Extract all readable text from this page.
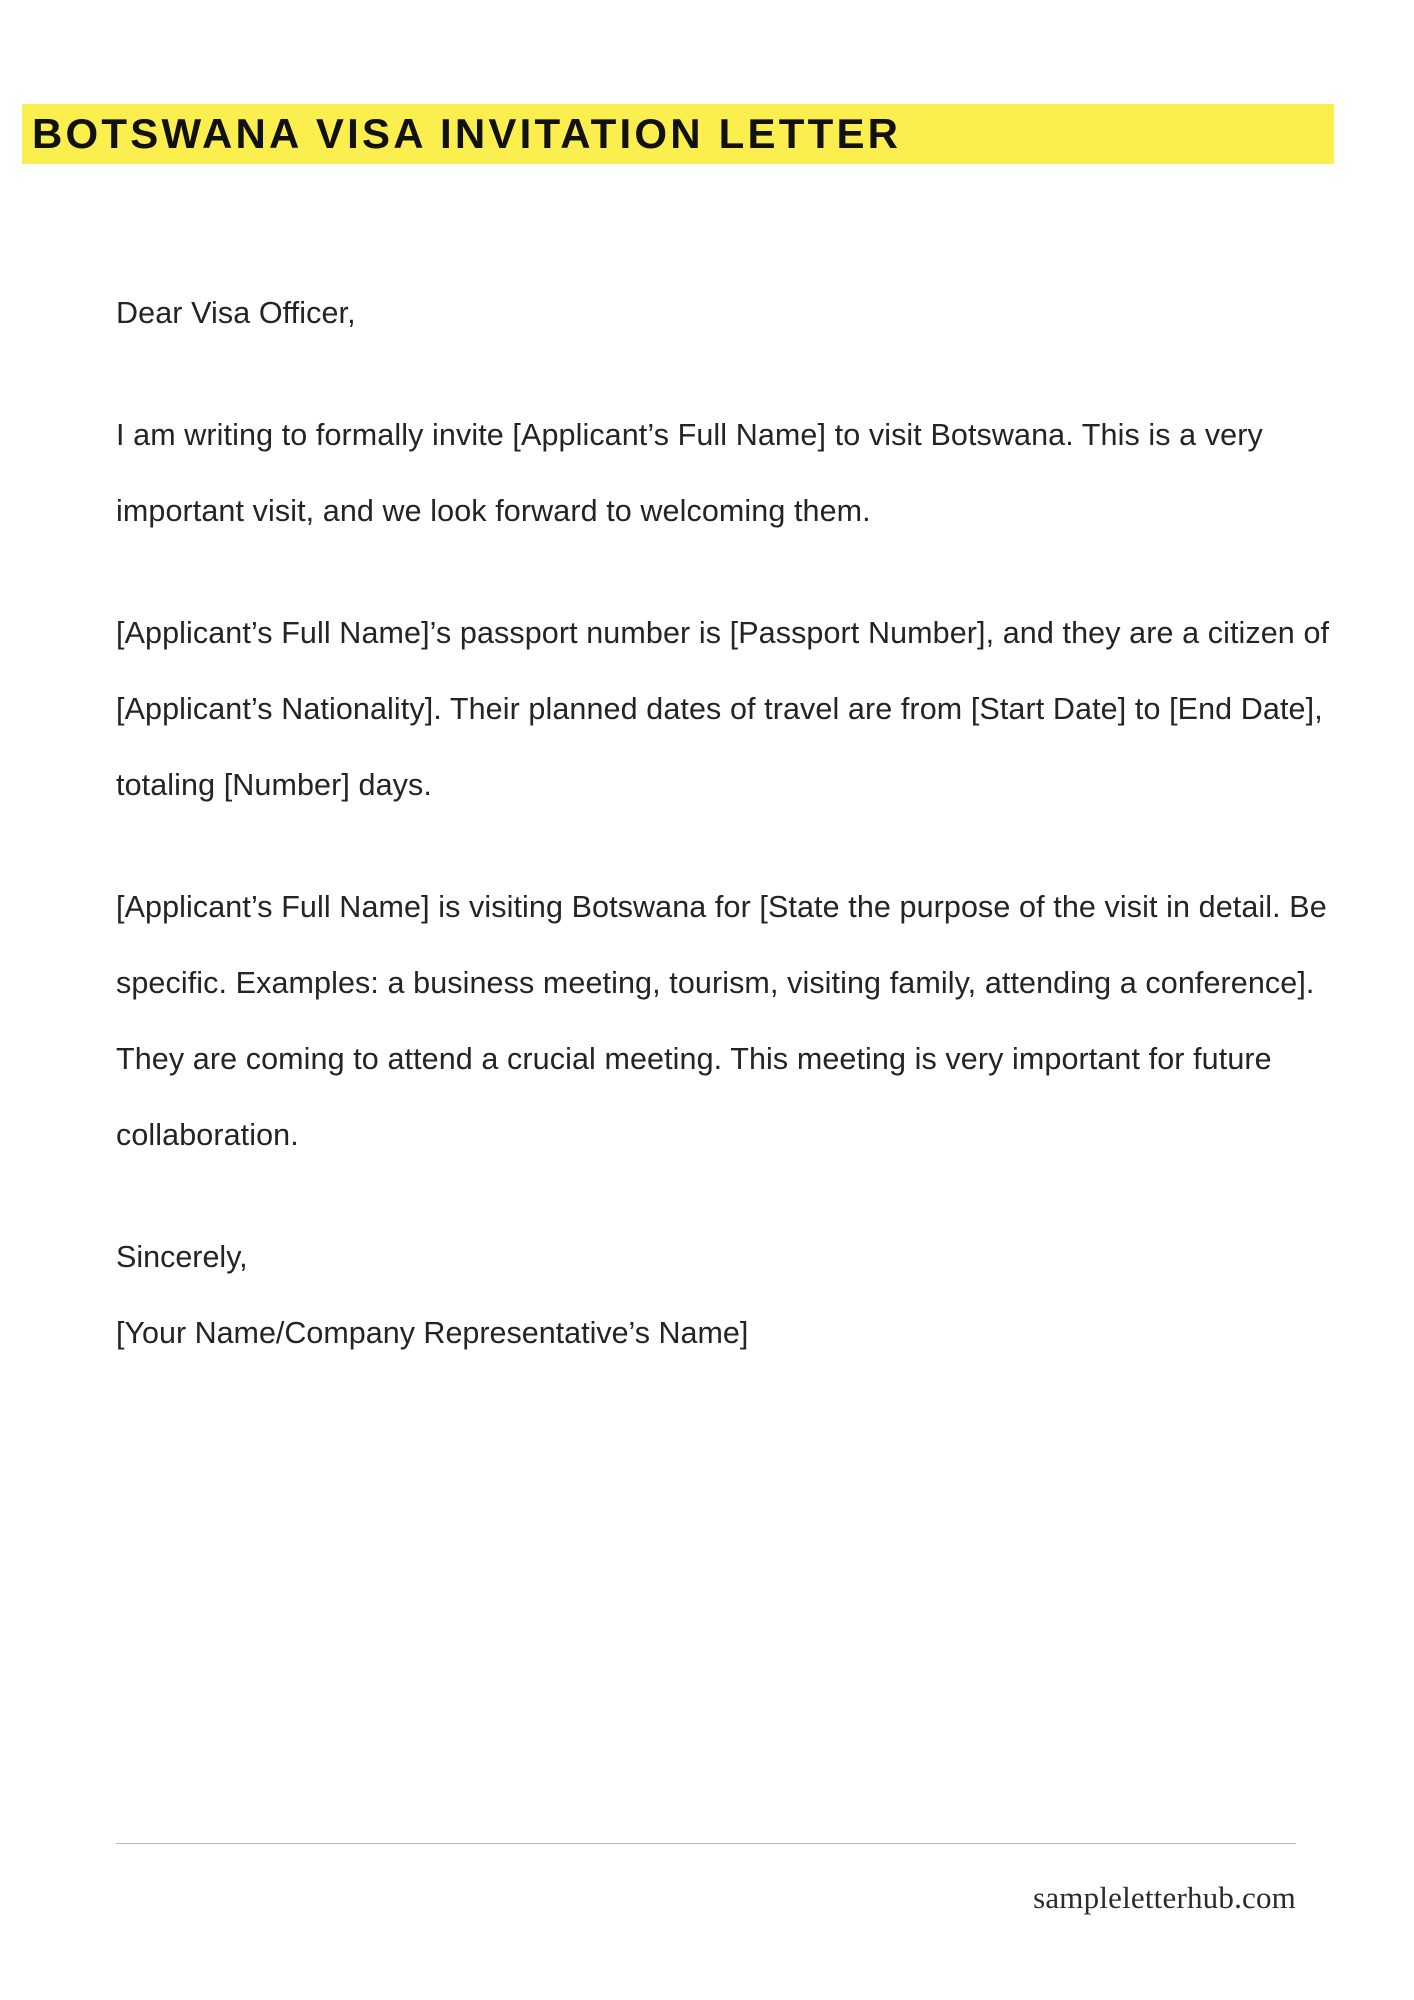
BOTSWANA VISA INVITATION LETTER

Dear Visa Officer,

I am writing to formally invite [Applicant’s Full Name] to visit Botswana. This is a very important visit, and we look forward to welcoming them.

[Applicant’s Full Name]’s passport number is [Passport Number], and they are a citizen of [Applicant’s Nationality]. Their planned dates of travel are from [Start Date] to [End Date], totaling [Number] days.

[Applicant’s Full Name] is visiting Botswana for [State the purpose of the visit in detail. Be specific. Examples: a business meeting, tourism, visiting family, attending a conference]. They are coming to attend a crucial meeting. This meeting is very important for future collaboration.

Sincerely,

[Your Name/Company Representative’s Name]

sampleletterhub.com
